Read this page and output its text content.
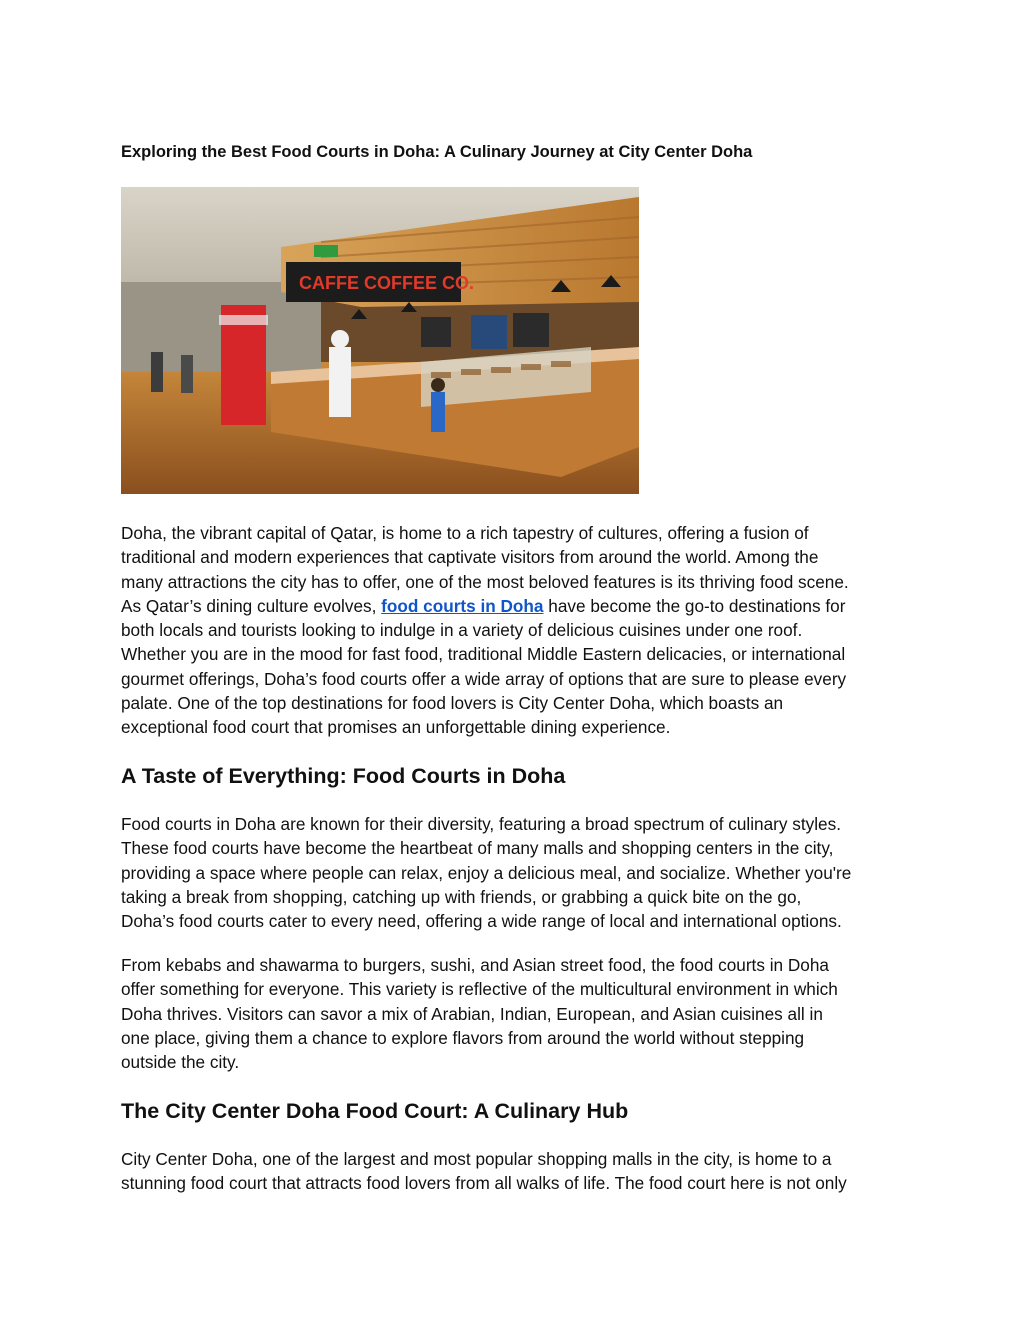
Exploring the Best Food Courts in Doha: A Culinary Journey at City Center Doha
CAFFE COFFEE CO.
Doha, the vibrant capital of Qatar, is home to a rich tapestry of cultures, offering a fusion of
traditional and modern experiences that captivate visitors from around the world. Among the
many attractions the city has to offer, one of the most beloved features is its thriving food scene.
As Qatar’s dining culture evolves, food courts in Doha have become the go-to destinations for
both locals and tourists looking to indulge in a variety of delicious cuisines under one roof.
Whether you are in the mood for fast food, traditional Middle Eastern delicacies, or international
gourmet offerings, Doha’s food courts offer a wide array of options that are sure to please every
palate. One of the top destinations for food lovers is City Center Doha, which boasts an
exceptional food court that promises an unforgettable dining experience.
A Taste of Everything: Food Courts in Doha
Food courts in Doha are known for their diversity, featuring a broad spectrum of culinary styles.
These food courts have become the heartbeat of many malls and shopping centers in the city,
providing a space where people can relax, enjoy a delicious meal, and socialize. Whether you're
taking a break from shopping, catching up with friends, or grabbing a quick bite on the go,
Doha’s food courts cater to every need, offering a wide range of local and international options.
From kebabs and shawarma to burgers, sushi, and Asian street food, the food courts in Doha
offer something for everyone. This variety is reflective of the multicultural environment in which
Doha thrives. Visitors can savor a mix of Arabian, Indian, European, and Asian cuisines all in
one place, giving them a chance to explore flavors from around the world without stepping
outside the city.
The City Center Doha Food Court: A Culinary Hub
City Center Doha, one of the largest and most popular shopping malls in the city, is home to a
stunning food court that attracts food lovers from all walks of life. The food court here is not only
